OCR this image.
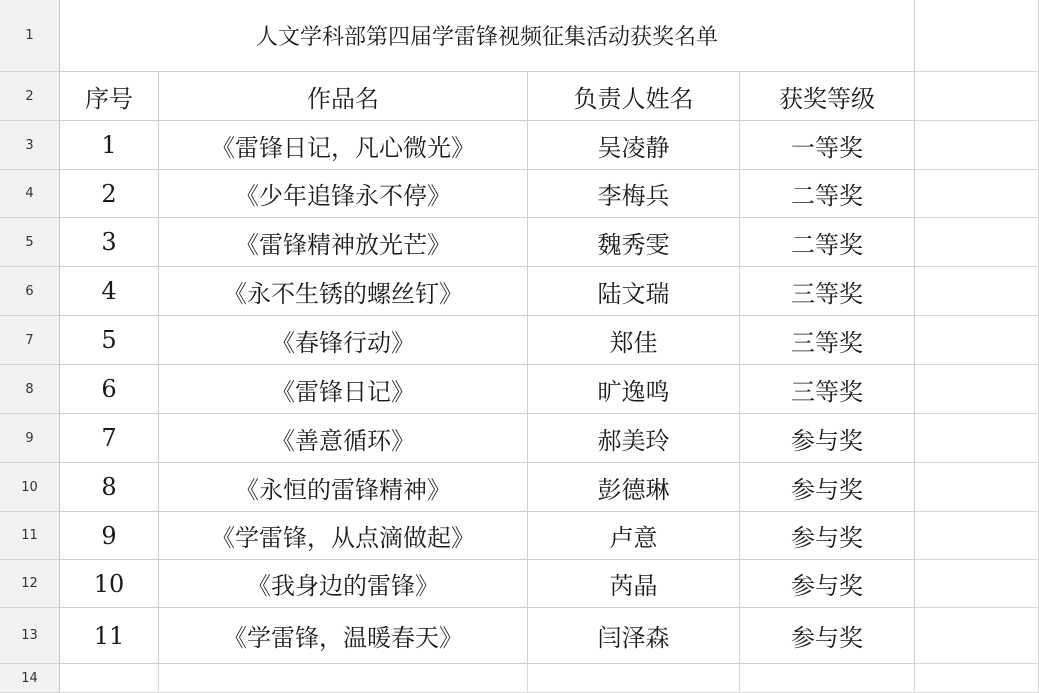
1
2
3
4
5
6
7
8
9
10
11
12
13
14
人文学科部第四届学雷锋视频征集活动获奖名单
序号	作品名	负责人姓名	获奖等级
1	《雷锋日记，凡心微光》	吴凌静	一等奖
2	《少年追锋永不停》	李梅兵	二等奖
3	《雷锋精神放光芒》	魏秀雯	二等奖
4	《永不生锈的螺丝钉》	陆文瑞	三等奖
5	《春锋行动》	郑佳	三等奖
6	《雷锋日记》	旷逸鸣	三等奖
7	《善意循环》	郝美玲	参与奖
8	《永恒的雷锋精神》	彭德琳	参与奖
9	《学雷锋，从点滴做起》	卢意	参与奖
10	《我身边的雷锋》	芮晶	参与奖
11	《学雷锋，温暖春天》	闫泽森	参与奖
